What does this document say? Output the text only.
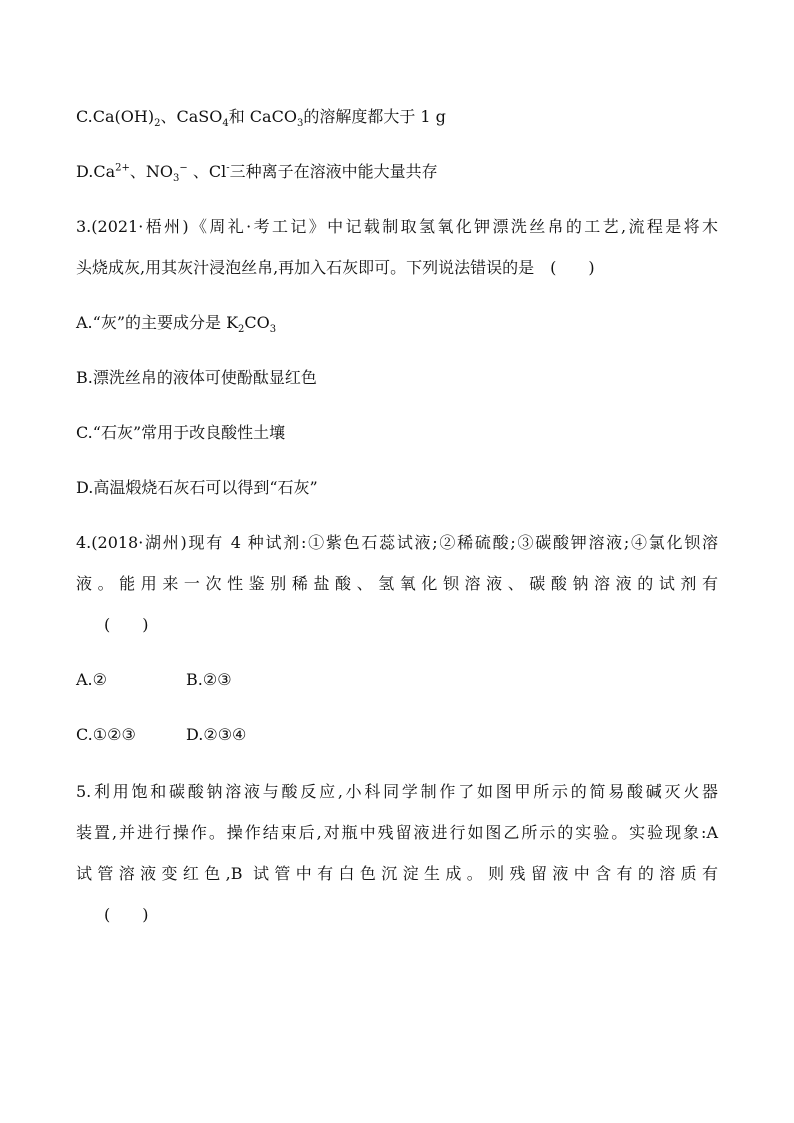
$C.Ca(OH)_2$、CaSO$_4$和 CaCO$_3$的溶解度都大于 1 g
$D.Ca^{2+}$、$NO_3^-$ 、Cl-三种离子在溶液中能大量共存
3.(2021·梧州)《周礼·考工记》中记载制取氢氧化钾漂洗丝帛的工艺,流程是将木
头烧成灰,用其灰汁浸泡丝帛,再加入石灰即可。下列说法错误的是　(　　)
A.“灰”的主要成分是 $K_2CO_3$
B.漂洗丝帛的液体可使酚酞显红色
C.“石灰”常用于改良酸性土壤
D.高温煅烧石灰石可以得到“石灰”
4.(2018·湖州)现有 4 种试剂:①紫色石蕊试液;②稀硫酸;③碳酸钾溶液;④氯化钡溶
液。能用来一次性鉴别稀盐酸、氢氧化钡溶液、碳酸钠溶液的试剂有
(　　)
A.②	B.②③
C.①②③	D.②③④
5.利用饱和碳酸钠溶液与酸反应,小科同学制作了如图甲所示的简易酸碱灭火器
装置,并进行操作。操作结束后,对瓶中残留液进行如图乙所示的实验。实验现象:A
试管溶液变红色,B 试管中有白色沉淀生成。则残留液中含有的溶质有
(　　)
